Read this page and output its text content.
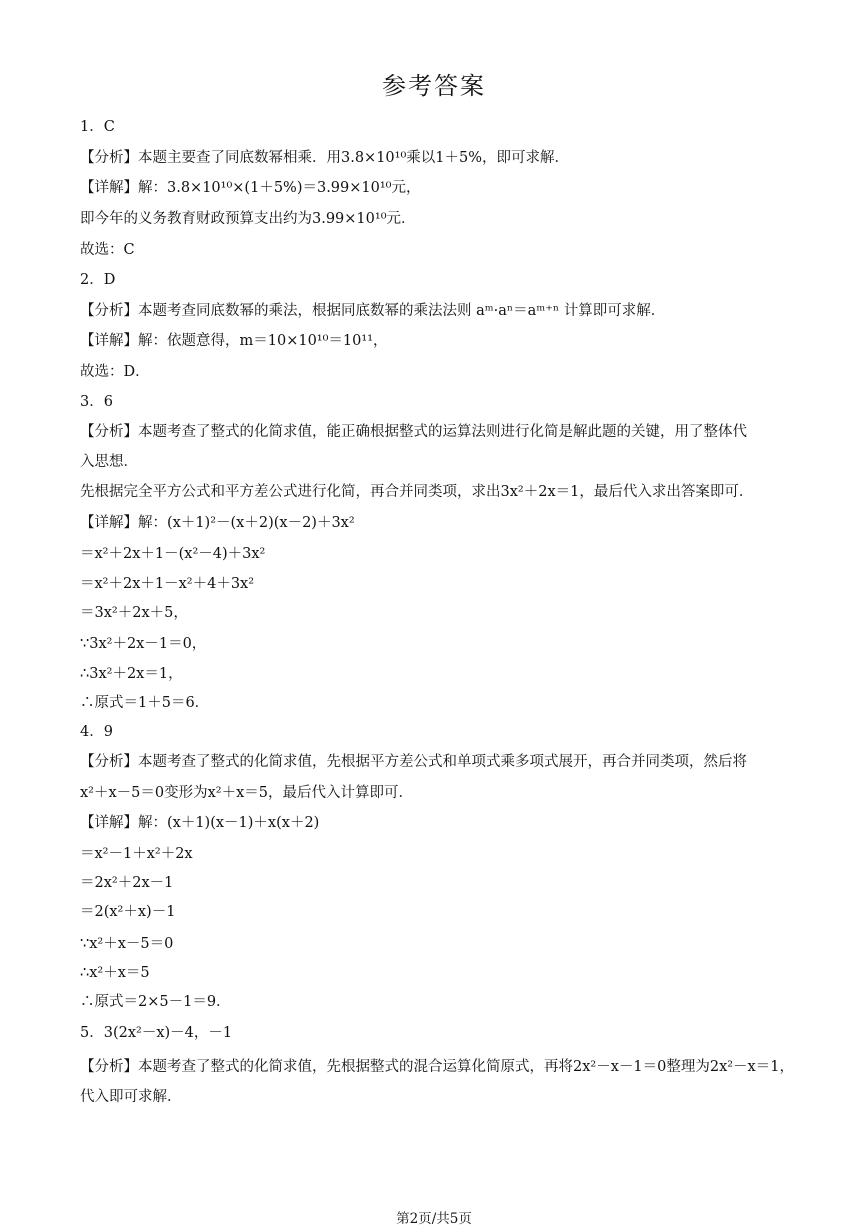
参考答案
1．C
【分析】本题主要查了同底数幂相乘．用3.8×10¹⁰乘以1＋5%，即可求解．
【详解】解：3.8×10¹⁰×(1＋5%)＝3.99×10¹⁰元，
即今年的义务教育财政预算支出约为3.99×10¹⁰元．
故选：C
2．D
【分析】本题考查同底数幂的乘法，根据同底数幂的乘法法则 aᵐ·aⁿ＝aᵐ⁺ⁿ 计算即可求解．
【详解】解：依题意得，m＝10×10¹⁰＝10¹¹，
故选：D．
3．6
【分析】本题考查了整式的化简求值，能正确根据整式的运算法则进行化简是解此题的关键，用了整体代
入思想．
先根据完全平方公式和平方差公式进行化简，再合并同类项，求出3x²＋2x＝1，最后代入求出答案即可．
【详解】解：(x＋1)²－(x＋2)(x－2)＋3x²
＝x²＋2x＋1－(x²－4)＋3x²
＝x²＋2x＋1－x²＋4＋3x²
＝3x²＋2x＋5，
∵3x²＋2x－1＝0，
∴3x²＋2x＝1，
∴原式＝1＋5＝6．
4．9
【分析】本题考查了整式的化简求值，先根据平方差公式和单项式乘多项式展开，再合并同类项，然后将
x²＋x－5＝0变形为x²＋x＝5，最后代入计算即可．
【详解】解：(x＋1)(x－1)＋x(x＋2)
＝x²－1＋x²＋2x
＝2x²＋2x－1
＝2(x²＋x)－1
∵x²＋x－5＝0
∴x²＋x＝5
∴原式＝2×5－1＝9．
5．3(2x²－x)－4，－1
【分析】本题考查了整式的化简求值，先根据整式的混合运算化简原式，再将2x²－x－1＝0整理为2x²－x＝1，
代入即可求解．
第2页/共5页
